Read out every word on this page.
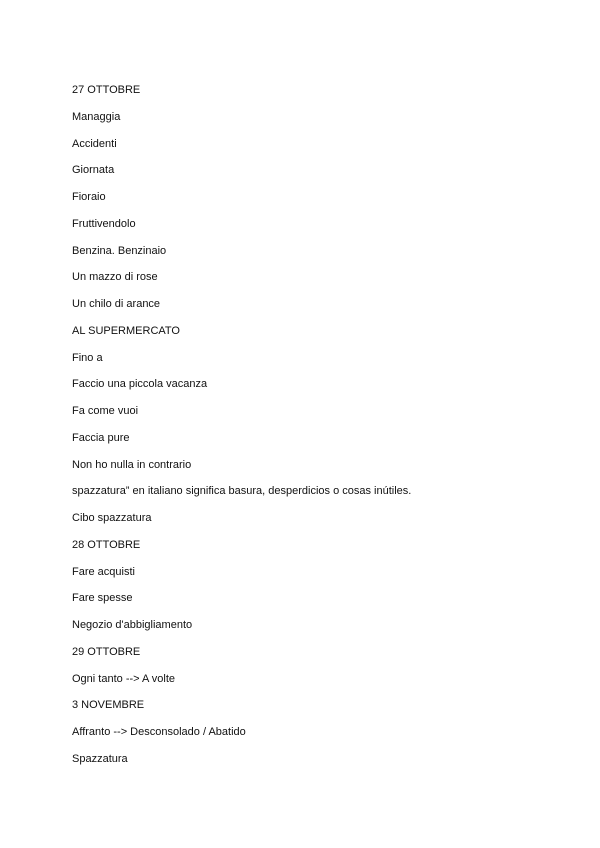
27 OTTOBRE
Managgia
Accidenti
Giornata
Fioraio
Fruttivendolo
Benzina. Benzinaio
Un mazzo di rose
Un chilo di arance
AL SUPERMERCATO
Fino a
Faccio una piccola vacanza
Fa come vuoi
Faccia pure
Non ho nulla in contrario
spazzatura” en italiano significa basura, desperdicios o cosas inútiles.
Cibo spazzatura
28 OTTOBRE
Fare acquisti
Fare spesse
Negozio d'abbigliamento
29 OTTOBRE
Ogni tanto --> A volte
3 NOVEMBRE
Affranto --> Desconsolado / Abatido
Spazzatura
